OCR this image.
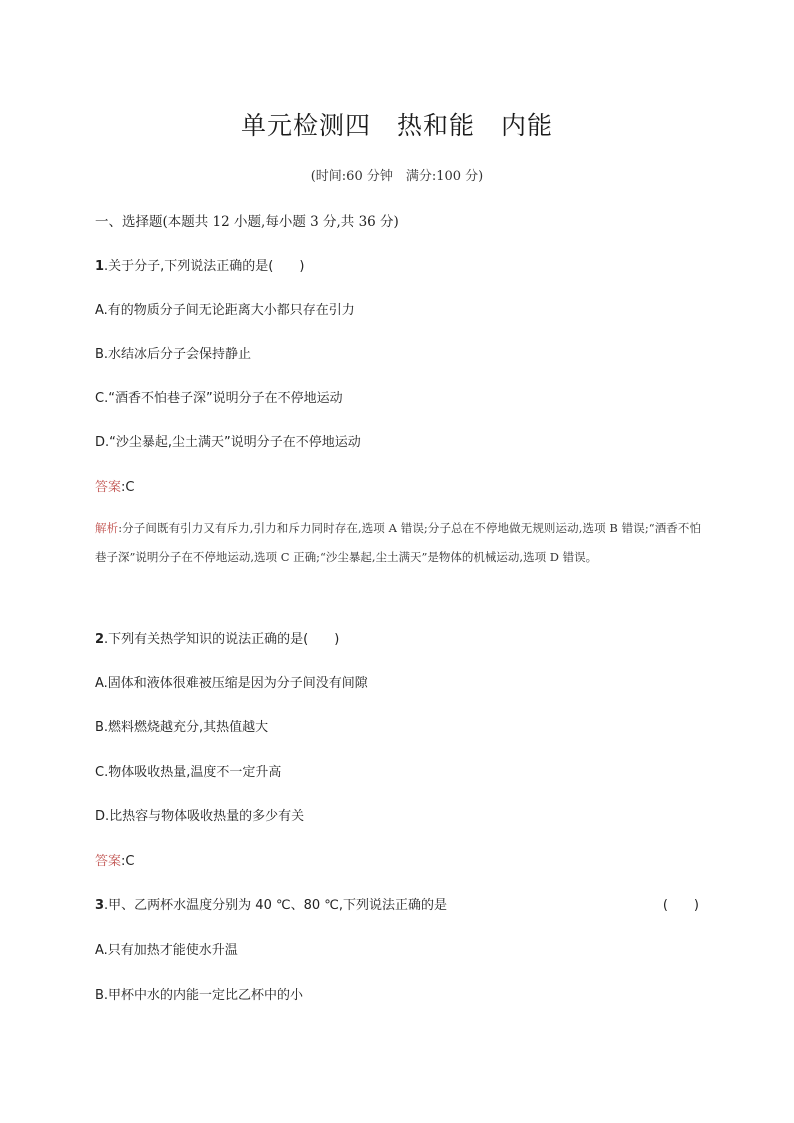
单元检测四　热和能　内能
(时间:60 分钟　满分:100 分)
一、选择题(本题共 12 小题,每小题 3 分,共 36 分)
1.关于分子,下列说法正确的是(　　)
A.有的物质分子间无论距离大小都只存在引力
B.水结冰后分子会保持静止
C.“酒香不怕巷子深”说明分子在不停地运动
D.“沙尘暴起,尘土满天”说明分子在不停地运动
答案:C
解析:分子间既有引力又有斥力,引力和斥力同时存在,选项 A 错误;分子总在不停地做无规则运动,选项 B 错误;“酒香不怕巷子深”说明分子在不停地运动,选项 C 正确;“沙尘暴起,尘土满天”是物体的机械运动,选项 D 错误。
2.下列有关热学知识的说法正确的是(　　)
A.固体和液体很难被压缩是因为分子间没有间隙
B.燃料燃烧越充分,其热值越大
C.物体吸收热量,温度不一定升高
D.比热容与物体吸收热量的多少有关
答案:C
3.甲、乙两杯水温度分别为 40 ℃、80 ℃,下列说法正确的是	(　　)
A.只有加热才能使水升温
B.甲杯中水的内能一定比乙杯中的小
